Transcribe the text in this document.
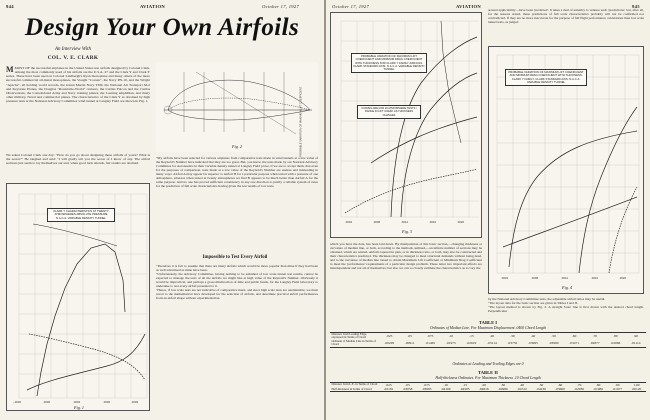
944	AVIATION	October 17, 1927
Design Your Own Airfoils
An Interview With
COL. V. E. CLARK

MMOST OF the successful airplanes in the United States use airfoils designed by Colonel Clark. Among the most commonly used of his airfoils are the U.S.A. 27 and the Clark Y and Clark Y series. These have been used on Colonel Lindbergh's Ryan monoplane and many others of the more successful commercial all-metal monoplanes, the Vought "Corsair", the Navy PN-10, and the Wright "Apache", all holding world records, the Glenn Martin Navy T3M, the National Air Transport M-2 and Keystone Planes, the Douglas "Round-the-World" cruisers, the Curtiss Falcon and the Curtiss Observations, the Consolidated Army and Navy training planes, the Loening amphibian, and many other military, Naval and commercial planes. The characteristics of the Clark Y as obtained by high pressure tests at the National Advisory Committee wind tunnel at Langley Field are shown in Fig. 1.

We asked Colonel Clark one day: "How do you go about designing these airfoils of yours? What is the secret?" He laughed and said: "I will gladly tell you the secret of I know of any. The airfoil sections just seem to lay themselves out and, when good luck attends, fair results are attained.

Fig. 2
CLARK Y CHARACTERISTICS AT TWENTY ATMOSPHERES ABSOLUTE PRESSURE N.A.C.A. VARIABLE DENSITY TUNNEL
-.0003	.0000	.0003	.0006	.0009
Fig. 1

"My airfoils have been selected for various airplanes from comparative tests made in wind tunnels at a low value of the Reynold's Number have indicated that they are too great. But, you know, the tests made by our National Advisory Committee for Aeronautics in their variable density tunnel at Langley Field prove, if we are to accept them, that even for the purposes of comparison, tests made at a low value of the Reynold's Number are useless and misleading in many ways. Airfoil A may appear far superior to Airfoil B for a particular purpose when tested with a pressure of one atmosphere, whereas when tested at twenty atmospheres we find B appears to be much better than Airfoil A for the same purpose. And no one has proved sufficient consistency in any one direction to justify a reliable system of rules for the prediction of full scale characteristics having given the test results of low tests.

Impossible to Test Every Airfoil

"Therefore it is fair to assume that there are many airfoils which would be more popular than mine if they had been as well advertised as mine have been.
"Unfortunately, the Advisory Committee, having nothing to be ashamed of low scale tunnel test results, cannot be expected to manage the tests of all the airfoils we might like at high value of the Reynold's Number. Obviously it would be impractical, and perhaps a gross misdirection of time and public funds, for the Langley Field laboratory to undertake to test every airfoil presented to it.
"Hence, if low scale tests are not indicative of comparative merit, and since high scale tests are unattainable, we must resort to the mathematical laws developed for the selection of airfoils, and determine practical airfoil performances from an airfoil shape without experimentation.

October 17, 1927	AVIATION	945
PROBABLE VARIATION OF MAXIMUM LIFT COEFFICIENT AND MINIMUM DRAG COEFFICIENT WITH THICKNESS FOR CLARK Y FAMILY AIRFOILS. CLARK STANDARD AXIS. N.A.C.A. VARIABLE DENSITY TUNNEL
CURVES ARE FOR 20 ATMOSPHERE TESTS / RANGE IN LIFT COEFF. AS THICKNESS CHANGES
.0004	.0008	.0012	.0016	.0020
Fig. 3
PROBABLE VARIATION OF MAXIMUM LIFT COEFFICIENT

around applicability—have been 'predicted'. It takes a deal of temerity to venture such 'predictions', but, after all, for the reasons stated, these predictions of full scale characteristics probably will not be confirmed nor contradicted. If they are no more inaccurate for the purpose of full flight performance calculations than low scale tunnel tests, as judged

PROBABLE VARIATION OF MAXIMUM LIFT COEFFICIENT AND MINIMUM DRAG COEFFICIENT WITH THICKNESS. CLARK Y FAMILY. CLARK STANDARD AXIS. N.A.C.A. VARIABLE DENSITY TUNNEL
.0004	.0008	.0012	.0016	.0020
Fig. 4

which you have the data, has been laid down. By manipulation of this basic section,—changing thickness or curvature of median line, or both, according to the methods outlined,—an infinite number of sections may be obtained, which are related. Airfoils tapered in plan, or in thickness ratio, or both, may also be constructed and their characteristics predicted. The thickness may be changed to meet structural demands without being dead, and to the curvature of median line raised to obtain Maximum Lift Coefficient or Minimum Drag Coefficient to meet the 'performance' requirements of a particular design problem. These letter two important effects are interdependent and not all of themselves; but also we can so closely estimate the characteristics as to vary the

by the National Advisory Committee tests, the adjustable airfoil ratios may be useful.
"The layout data for the basic section are given in Tables I and II.
"The layout method is shown by Fig. 2. A straight 'base' line is first drawn with the desired chord length. Perpendicular

TABLE I
Ordinates of Median Line. For Maximum Displacement .0400 Chord Length
Distance from Leading Edge, expressed in Terms of Chord	.025	.05	.075	.10	.15	.20	.30	.40	.50	.60	.70	.80	.90
Ordinate of Median Line in Terms of Chord	.00228	.00911	.01465	.01975	.02619	.03114	.03732	.03995	.03990	.03471	.02877	.02066	.01114
Ordinates at Leading and Trailing Edges are 0
TABLE II
Half-thickness Ordinates. For Maximum Thickness .10 Chord Length
Distance from L.E. in Terms of Chord	.025	.05	.075	.10	.15	.20	.30	.40	.50	.60	.70	.80	.90	1.00
Half-thickness in Terms of Chord	.02181	.03058	.03685	.04109	.04585	.04816	.04986	.04722	.04236	.03600	.02936	.01986	.01077	.00120
